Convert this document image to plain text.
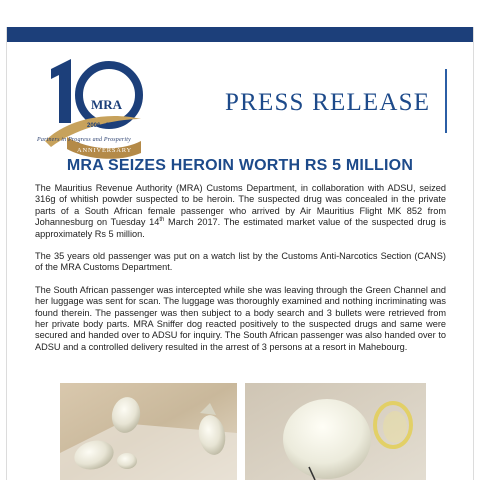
MRA
2006 - 2016
ANNIVERSARY
Partners in Progress and Prosperity
PRESS RELEASE
MRA SEIZES HEROIN WORTH RS 5 MILLION

The Mauritius Revenue Authority (MRA) Customs Department, in collaboration with ADSU, seized 316g of whitish powder suspected to be heroin. The suspected drug was concealed in the private parts of a South African female passenger who arrived by Air Mauritius Flight MK 852 from Johannesburg on Tuesday 14th March 2017. The estimated market value of the suspected drug is approximately Rs 5 million.

The 35 years old passenger was put on a watch list by the Customs Anti-Narcotics Section (CANS) of the MRA Customs Department.

The South African passenger was intercepted while she was leaving through the Green Channel and her luggage was sent for scan. The luggage was thoroughly examined and nothing incriminating was found therein. The passenger was then subject to a body search and 3 bullets were retrieved from her private body parts. MRA Sniffer dog reacted positively to the suspected drugs and same were secured and handed over to ADSU for inquiry. The South African passenger was also handed over to ADSU and a controlled delivery resulted in the arrest of 3 persons at a resort in Mahebourg.
